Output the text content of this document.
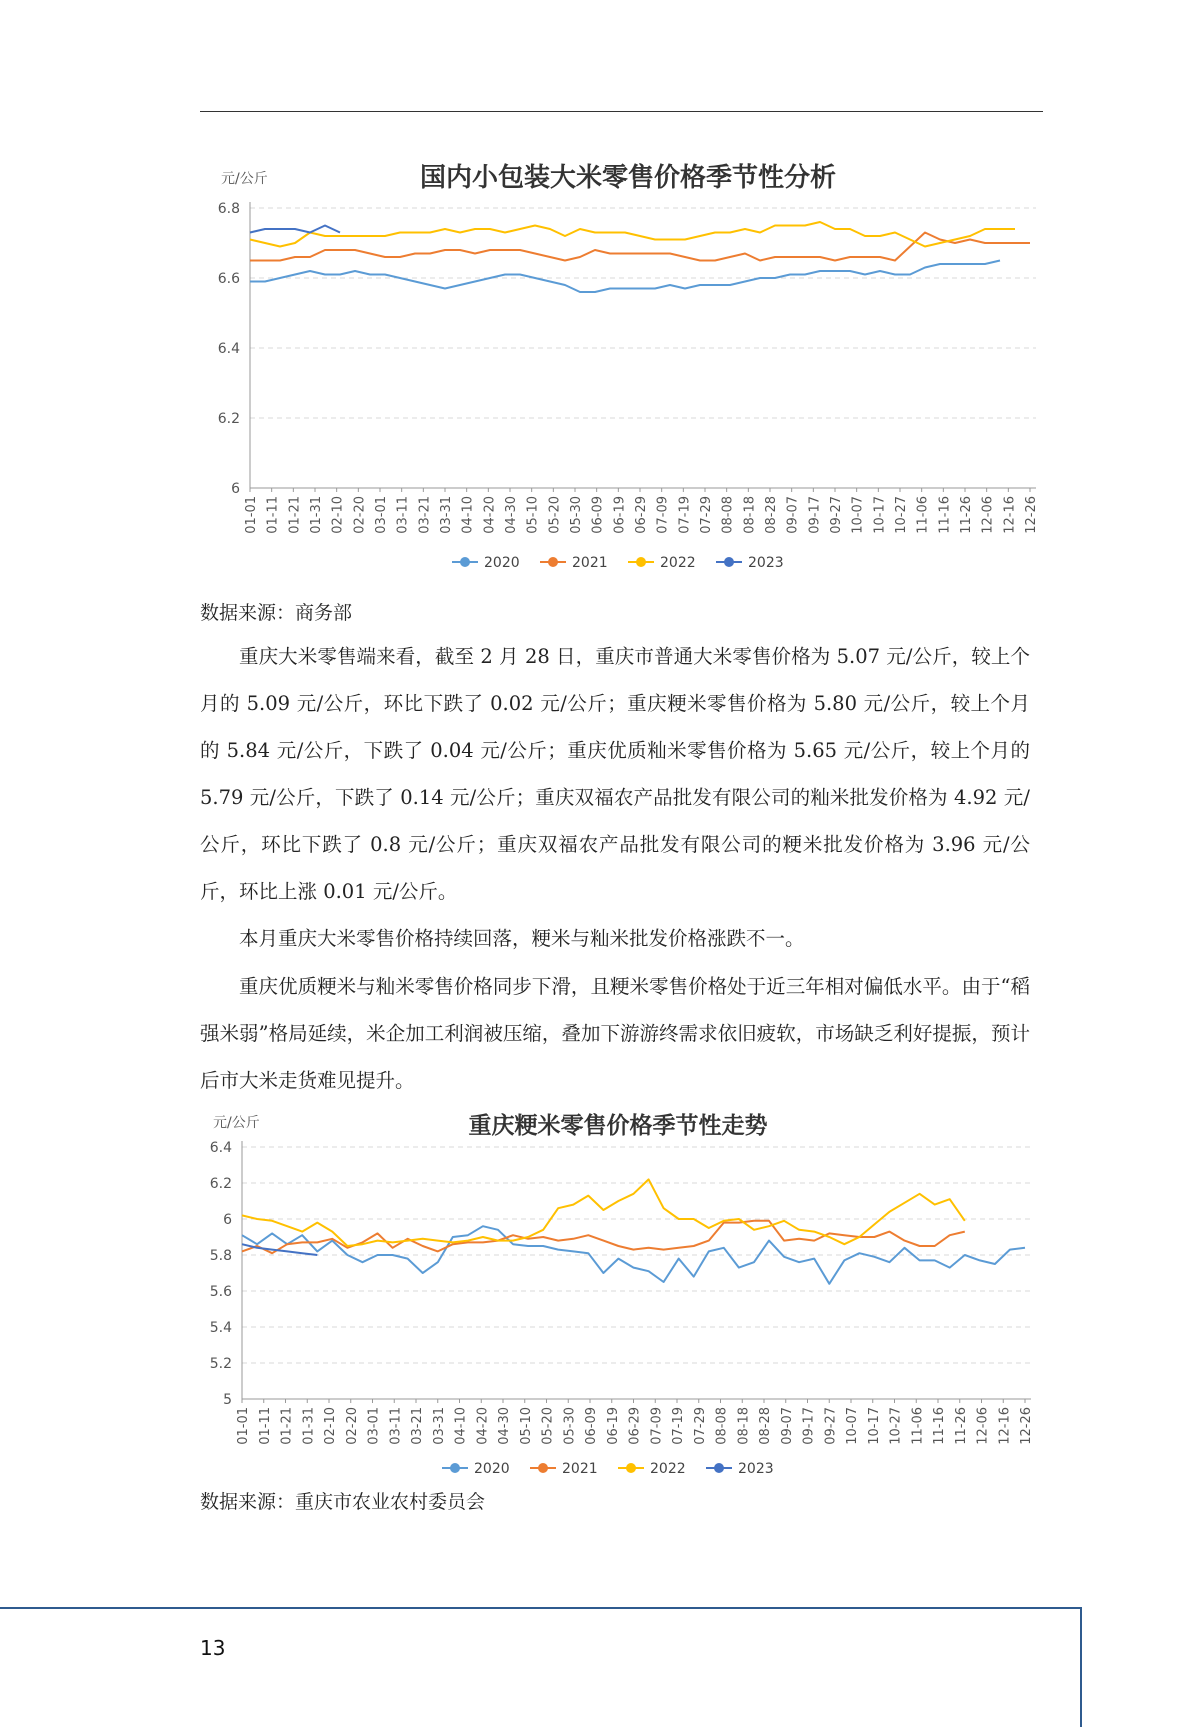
国内小包装大米零售价格季节性分析
元/公斤
6
6.2
6.4
6.6
6.8
01-01 01-11 01-21 01-31 02-10 02-20 03-01 03-11 03-21 03-31 04-10 04-20 04-30 05-10 05-20 05-30 06-09 06-19 06-29 07-09 07-19 07-29 08-08 08-18 08-28 09-07 09-17 09-27 10-07 10-17 10-27 11-06 11-16 11-26 12-06 12-16 12-26
2020	2021	2022	2023
数据来源：商务部

重庆大米零售端来看，截至 2 月 28 日，重庆市普通大米零售价格为 5.07 元/公斤，较上个月的 5.09 元/公斤，环比下跌了 0.02 元/公斤；重庆粳米零售价格为 5.80 元/公斤，较上个月的 5.84 元/公斤，下跌了 0.04 元/公斤；重庆优质籼米零售价格为 5.65 元/公斤，较上个月的 5.79 元/公斤，下跌了 0.14 元/公斤；重庆双福农产品批发有限公司的籼米批发价格为 4.92 元/公斤，环比下跌了 0.8 元/公斤；重庆双福农产品批发有限公司的粳米批发价格为 3.96 元/公斤，环比上涨 0.01 元/公斤。

本月重庆大米零售价格持续回落，粳米与籼米批发价格涨跌不一。

重庆优质粳米与籼米零售价格同步下滑，且粳米零售价格处于近三年相对偏低水平。由于“稻强米弱”格局延续，米企加工利润被压缩，叠加下游游终需求依旧疲软，市场缺乏利好提振，预计后市大米走货难见提升。

重庆粳米零售价格季节性走势
元/公斤
5
5.2
5.4
5.6
5.8
6
6.2
6.4
01-01 01-11 01-21 01-31 02-10 02-20 03-01 03-11 03-21 03-31 04-10 04-20 04-30 05-10 05-20 05-30 06-09 06-19 06-29 07-09 07-19 07-29 08-08 08-18 08-28 09-07 09-17 09-27 10-07 10-17 10-27 11-06 11-16 11-26 12-06 12-16 12-26
2020	2021	2022	2023
数据来源：重庆市农业农村委员会
13
